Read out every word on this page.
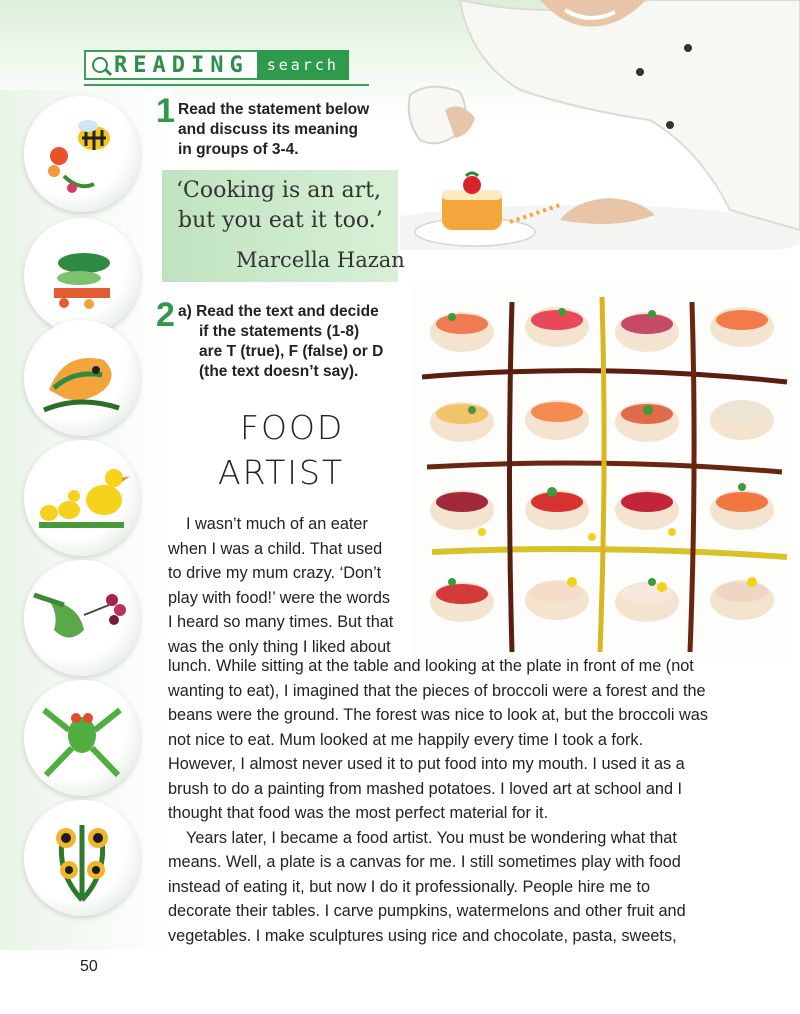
READING	search
1 Read the statement below
and discuss its meaning
in groups of 3-4.
‘Cooking is an art,
but you eat it too.’
Marcella Hazan
2 a) Read the text and decide
if the statements (1-8)
are T (true), F (false) or D
(the text doesn’t say).
FOOD
ARTIST
I wasn’t much of an eater
when I was a child. That used
to drive my mum crazy. ‘Don’t
play with food!’ were the words
I heard so many times. But that
was the only thing I liked about
lunch. While sitting at the table and looking at the plate in front of me (not
wanting to eat), I imagined that the pieces of broccoli were a forest and the
beans were the ground. The forest was nice to look at, but the broccoli was
not nice to eat. Mum looked at me happily every time I took a fork.
However, I almost never used it to put food into my mouth. I used it as a
brush to do a painting from mashed potatoes. I loved art at school and I
thought that food was the most perfect material for it.
Years later, I became a food artist. You must be wondering what that
means. Well, a plate is a canvas for me. I still sometimes play with food
instead of eating it, but now I do it professionally. People hire me to
decorate their tables. I carve pumpkins, watermelons and other fruit and
vegetables. I make sculptures using rice and chocolate, pasta, sweets,
50
